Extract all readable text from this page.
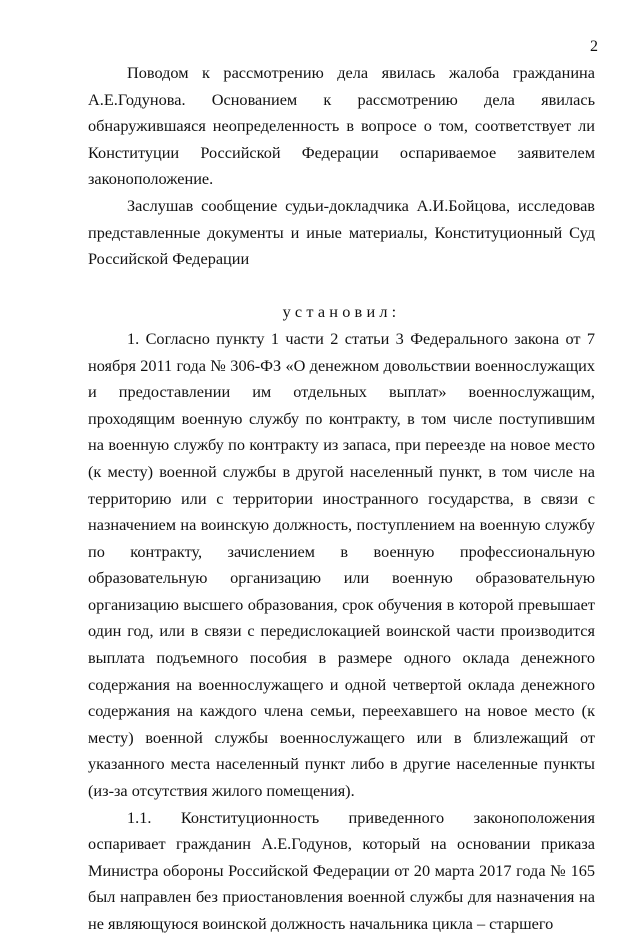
2

Поводом к рассмотрению дела явилась жалоба гражданина А.Е.Годунова. Основанием к рассмотрению дела явилась обнаружившаяся неопределенность в вопросе о том, соответствует ли Конституции Российской Федерации оспариваемое заявителем законоположение.

Заслушав сообщение судьи-докладчика А.И.Бойцова, исследовав представленные документы и иные материалы, Конституционный Суд Российской Федерации

установил:

1. Согласно пункту 1 части 2 статьи 3 Федерального закона от 7 ноября 2011 года № 306-ФЗ «О денежном довольствии военнослужащих и предоставлении им отдельных выплат» военнослужащим, проходящим военную службу по контракту, в том числе поступившим на военную службу по контракту из запаса, при переезде на новое место (к месту) военной службы в другой населенный пункт, в том числе на территорию или с территории иностранного государства, в связи с назначением на воинскую должность, поступлением на военную службу по контракту, зачислением в военную профессиональную образовательную организацию или военную образовательную организацию высшего образования, срок обучения в которой превышает один год, или в связи с передислокацией воинской части производится выплата подъемного пособия в размере одного оклада денежного содержания на военнослужащего и одной четвертой оклада денежного содержания на каждого члена семьи, переехавшего на новое место (к месту) военной службы военнослужащего или в близлежащий от указанного места населенный пункт либо в другие населенные пункты (из-за отсутствия жилого помещения).

1.1. Конституционность приведенного законоположения оспаривает гражданин А.Е.Годунов, который на основании приказа Министра обороны Российской Федерации от 20 марта 2017 года № 165 был направлен без приостановления военной службы для назначения на не являющуюся воинской должность начальника цикла – старшего
